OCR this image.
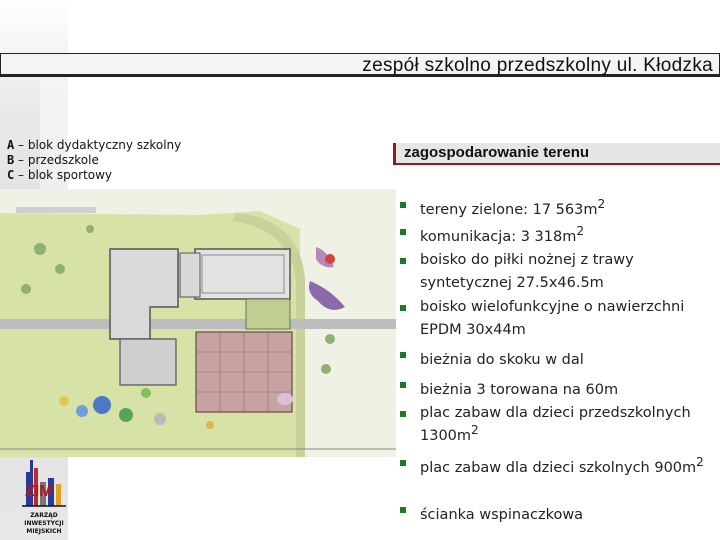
zespół szkolno przedszkolny ul. Kłodzka
A – blok dydaktyczny szkolny
B – przedszkole
C – blok sportowy
zagospodarowanie terenu
tereny zielone: 17 $563m^2$
komunikacja: 3 $318m^2$
boisko do piłki nożnej z trawy syntetycznej 27.5x46.5m
boisko wielofunkcyjne o nawierzchni EPDM 30x44m
bieżnia do skoku w dal
bieżnia 3 torowana na 60m
plac zabaw dla dzieci przedszkolnych $1300m^2$
plac zabaw dla dzieci szkolnych $900m^2$
ścianka wspinaczkowa
ZIM
ZARZĄD
INWESTYCJI
MIEJSKICH
